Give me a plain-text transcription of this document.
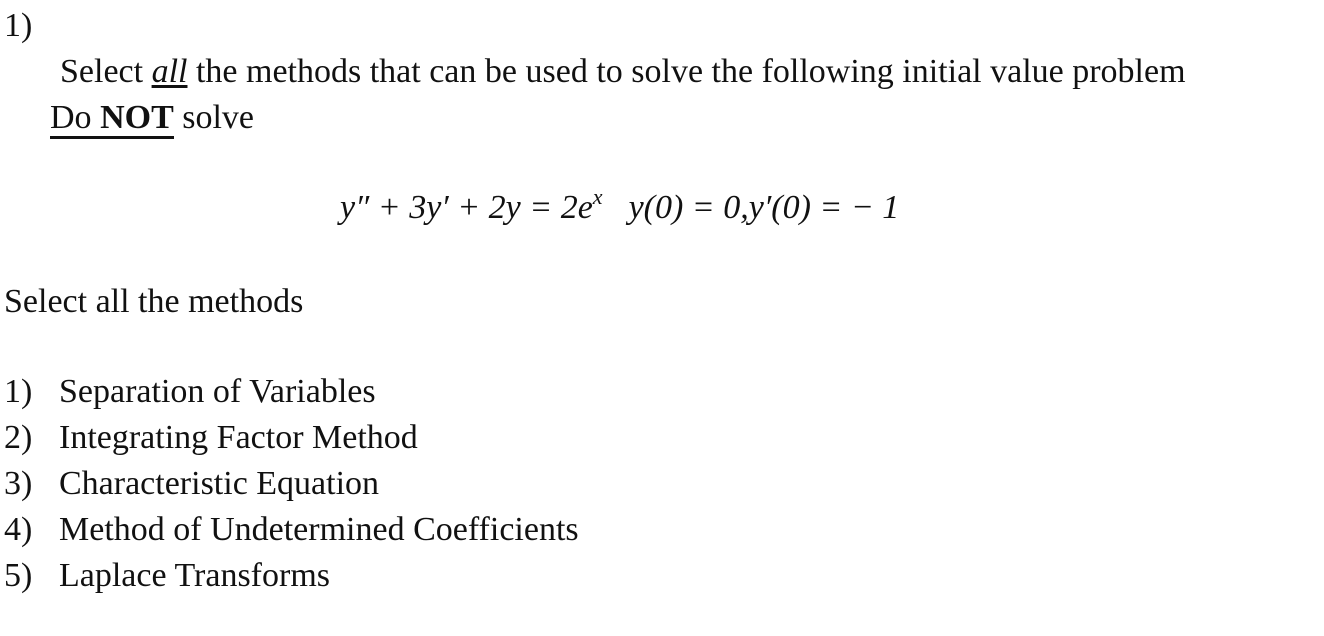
1)
Select all the methods that can be used to solve the following initial value problem
Do NOT solve
$y'' + 3y' + 2y = 2e^x$ y(0) = 0,y′(0) = − 1
Select all the methods
1) Separation of Variables
2) Integrating Factor Method
3) Characteristic Equation
4) Method of Undetermined Coefficients
5) Laplace Transforms
